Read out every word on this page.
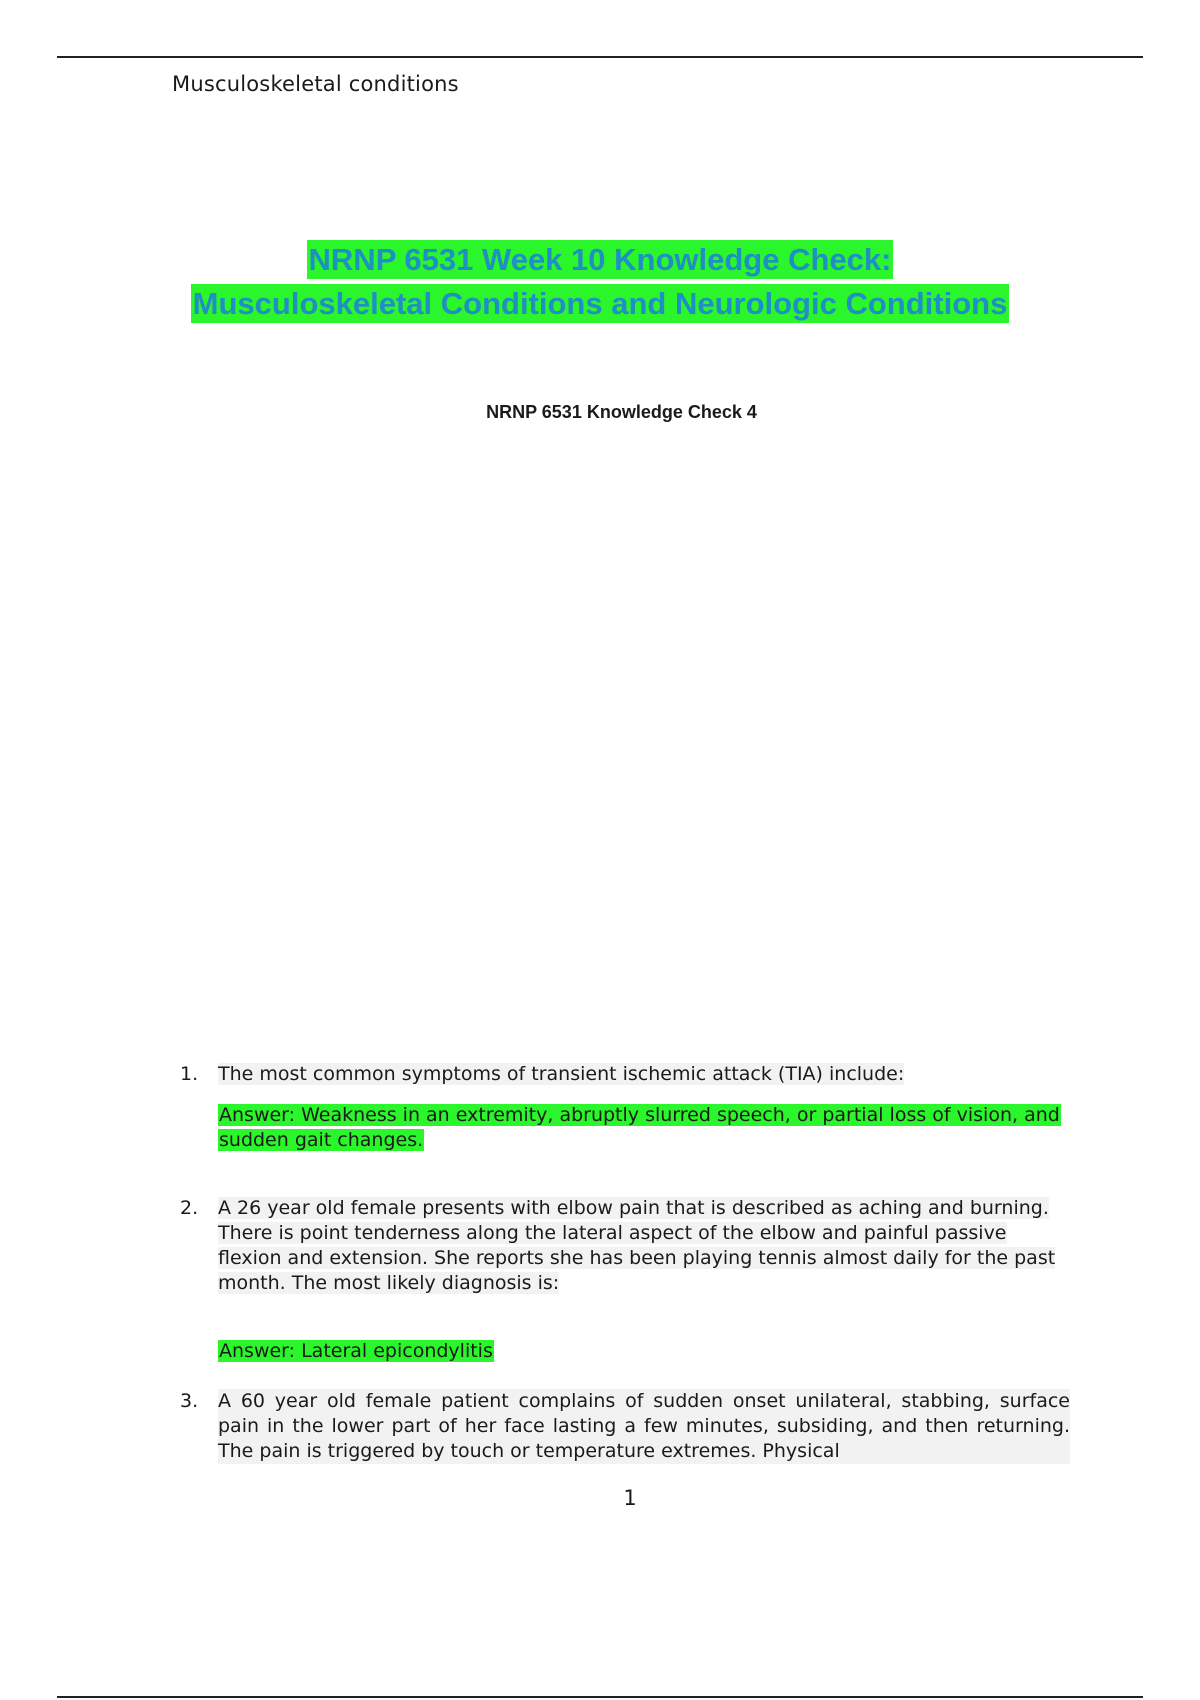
Musculoskeletal conditions
NRNP 6531 Week 10 Knowledge Check:
Musculoskeletal Conditions and Neurologic Conditions
NRNP 6531 Knowledge Check 4
1. The most common symptoms of transient ischemic attack (TIA) include:
Answer: Weakness in an extremity, abruptly slurred speech, or partial loss of vision, and sudden gait changes.
2. A 26 year old female presents with elbow pain that is described as aching and burning. There is point tenderness along the lateral aspect of the elbow and painful passive flexion and extension. She reports she has been playing tennis almost daily for the past month. The most likely diagnosis is:
Answer: Lateral epicondylitis
3. A 60 year old female patient complains of sudden onset unilateral, stabbing, surface pain in the lower part of her face lasting a few minutes, subsiding, and then returning. The pain is triggered by touch or temperature extremes. Physical
1
